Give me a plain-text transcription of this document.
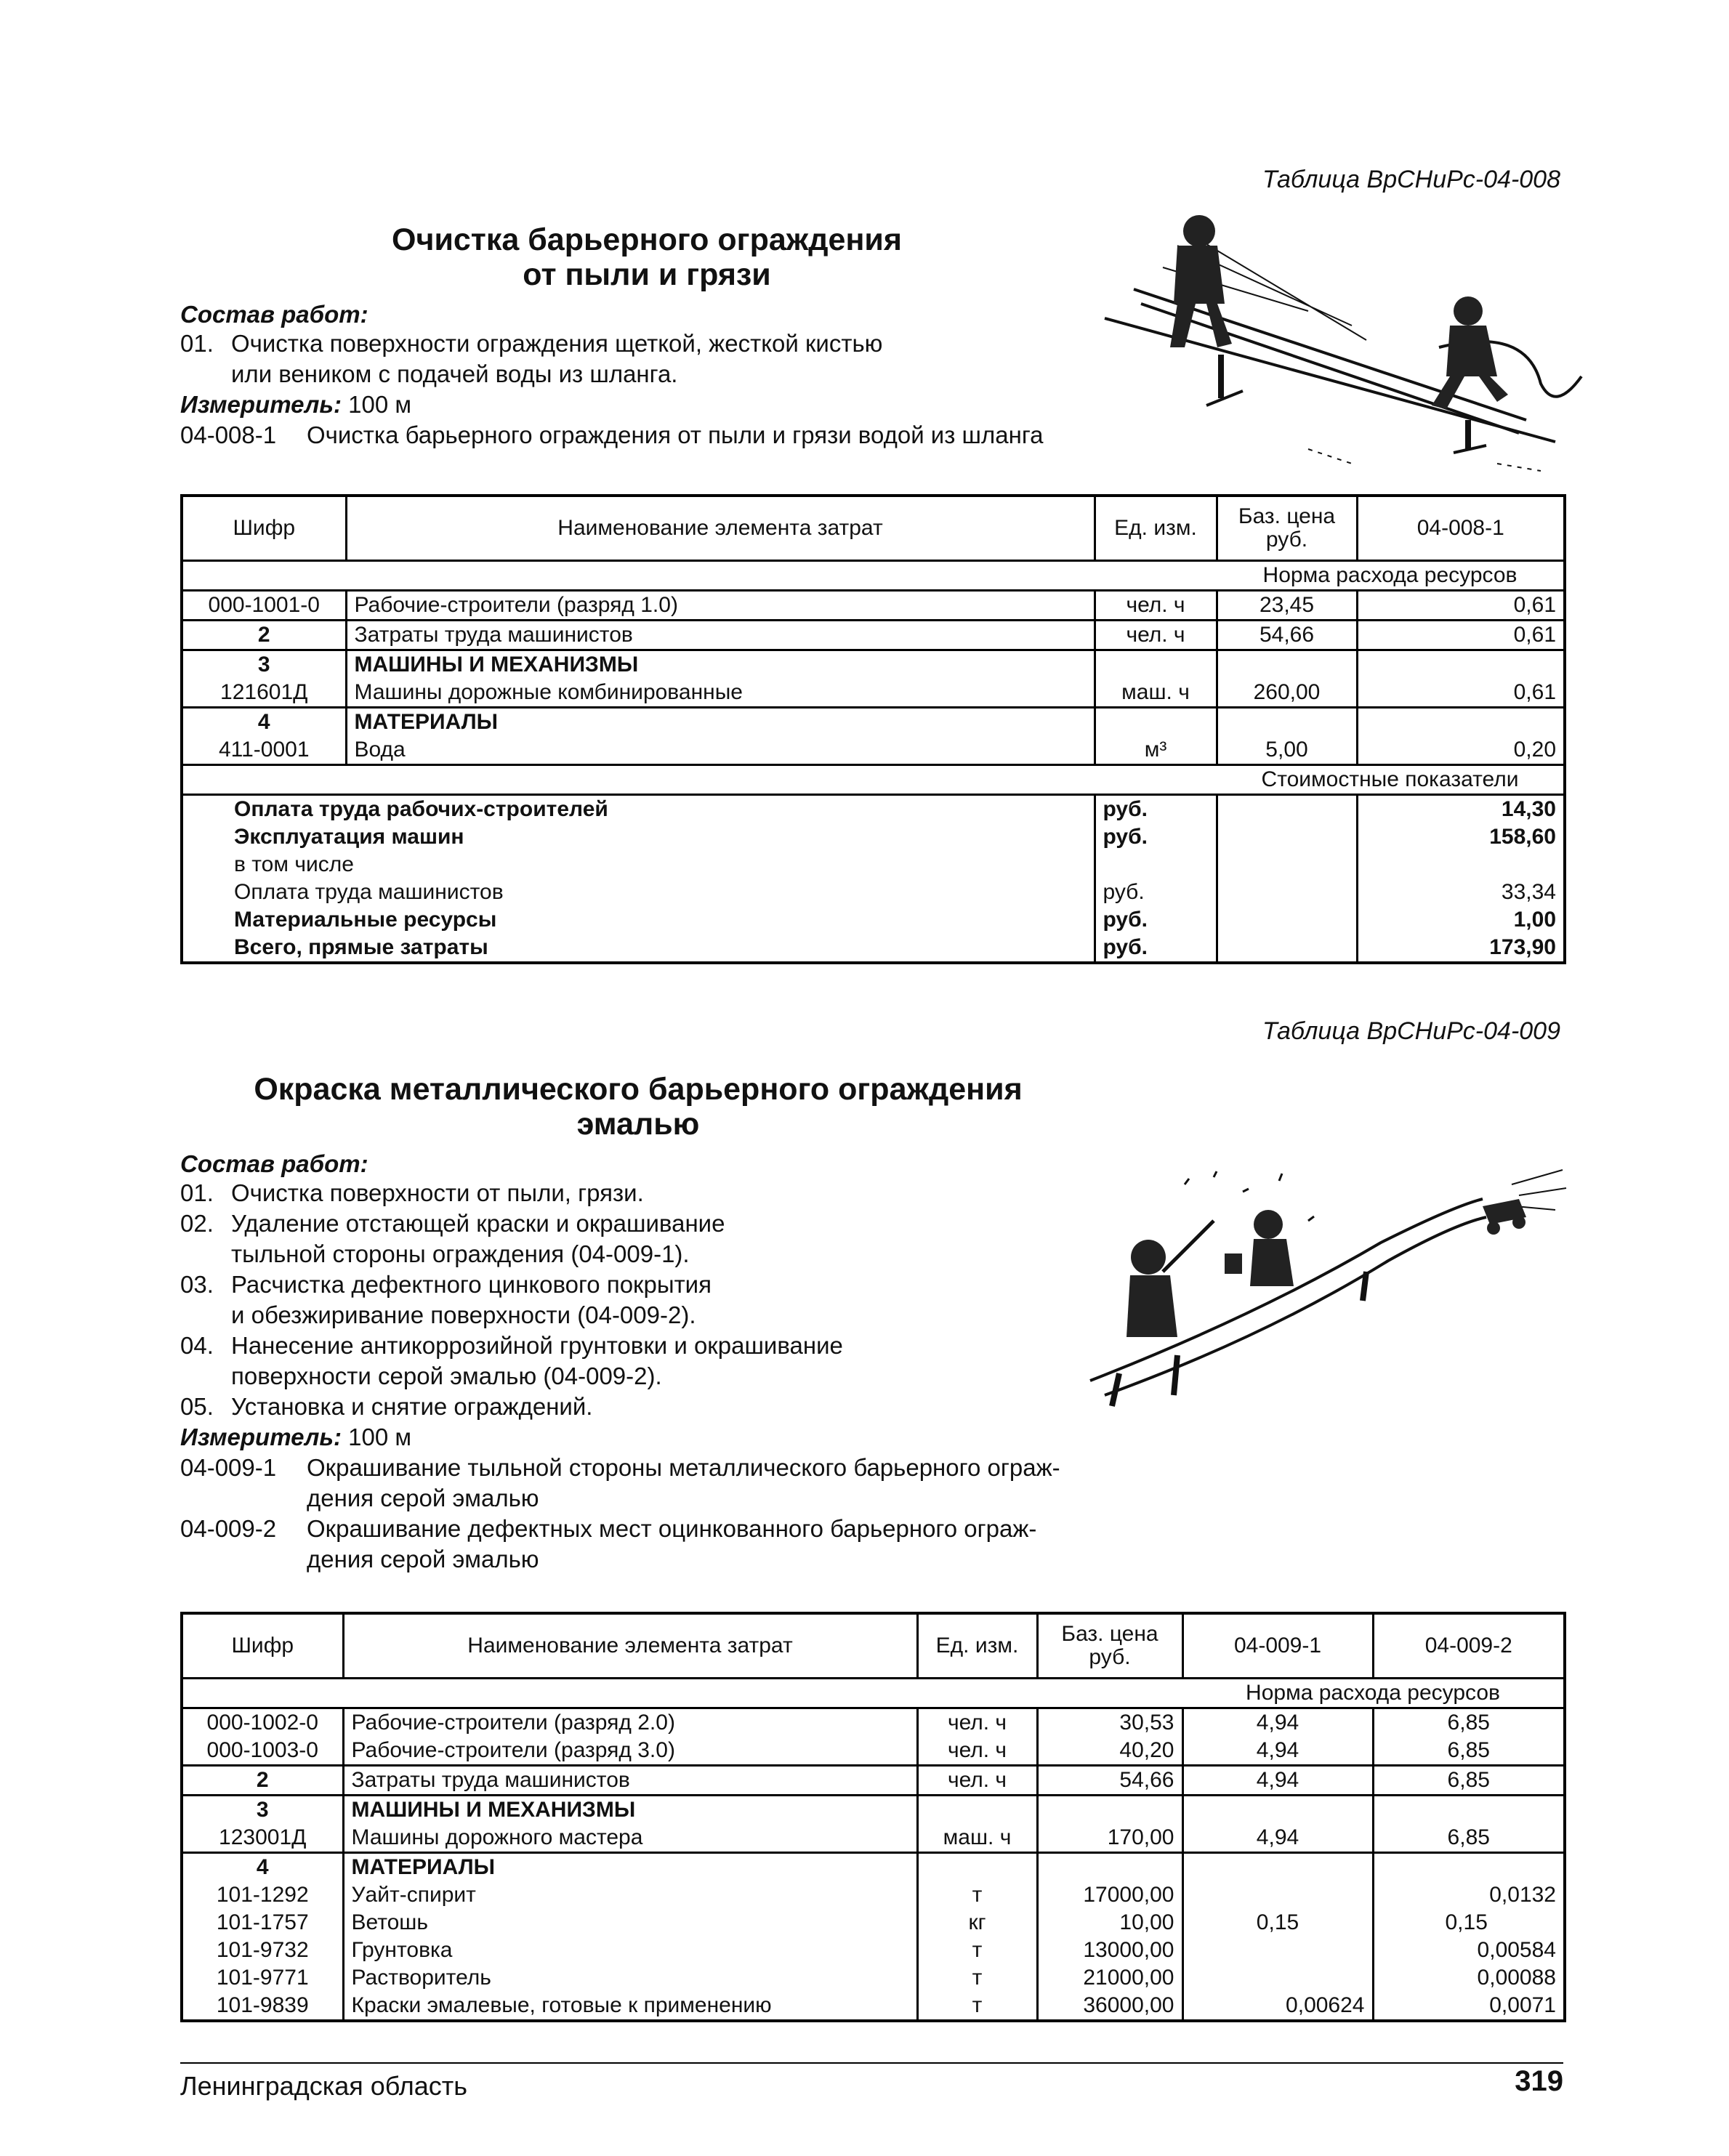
Таблица ВрСНиРс-04-008
Очистка барьерного ограждения
от пыли и грязи
Состав работ:
01. Очистка поверхности ограждения щеткой, жесткой кистью
или веником с подачей воды из шланга.
Измеритель: 100 м
04-008-1 Очистка барьерного ограждения от пыли и грязи водой из шланга
Шифр	Наименование элемента затрат	Ед. изм.	Баз. цена руб.	04-008-1
			Норма расхода ресурсов	
000-1001-0	Рабочие-строители (разряд 1.0)	чел. ч	23,45	0,61
2	Затраты труда машинистов	чел. ч	54,66	0,61
3	МАШИНЫ И МЕХАНИЗМЫ			
121601Д	Машины дорожные комбинированные	маш. ч	260,00	0,61
4	МАТЕРИАЛЫ			
411-0001	Вода	м³	5,00	0,20
			Стоимостные показатели	
Оплата труда рабочих-строителей		руб.		14,30
Эксплуатация машин		руб.		158,60
в том числе				
Оплата труда машинистов		руб.		33,34
Материальные ресурсы		руб.		1,00
Всего, прямые затраты		руб.		173,90
Таблица ВрСНиРс-04-009
Окраска металлического барьерного ограждения
эмалью
Состав работ:
01. Очистка поверхности от пыли, грязи.
02. Удаление отстающей краски и окрашивание
тыльной стороны ограждения (04-009-1).
03. Расчистка дефектного цинкового покрытия
и обезжиривание поверхности (04-009-2).
04. Нанесение антикоррозийной грунтовки и окрашивание
поверхности серой эмалью (04-009-2).
05. Установка и снятие ограждений.
Измеритель: 100 м
04-009-1 Окрашивание тыльной стороны металлического барьерного ограж-
дения серой эмалью
04-009-2 Окрашивание дефектных мест оцинкованного барьерного ограж-
дения серой эмалью
Шифр	Наименование элемента затрат	Ед. изм.	Баз. цена руб.	04-009-1	04-009-2
				Норма расхода ресурсов	
000-1002-0	Рабочие-строители (разряд 2.0)	чел. ч	30,53	4,94	6,85
000-1003-0	Рабочие-строители (разряд 3.0)	чел. ч	40,20	4,94	6,85
2	Затраты труда машинистов	чел. ч	54,66	4,94	6,85
3	МАШИНЫ И МЕХАНИЗМЫ				
123001Д	Машины дорожного мастера	маш. ч	170,00	4,94	6,85
4	МАТЕРИАЛЫ				
101-1292	Уайт-спирит	т	17000,00		0,0132
101-1757	Ветошь	кг	10,00	0,15	0,15
101-9732	Грунтовка	т	13000,00		0,00584
101-9771	Растворитель	т	21000,00		0,00088
101-9839	Краски эмалевые, готовые к применению	т	36000,00	0,00624	0,0071
Ленинградская область	319
